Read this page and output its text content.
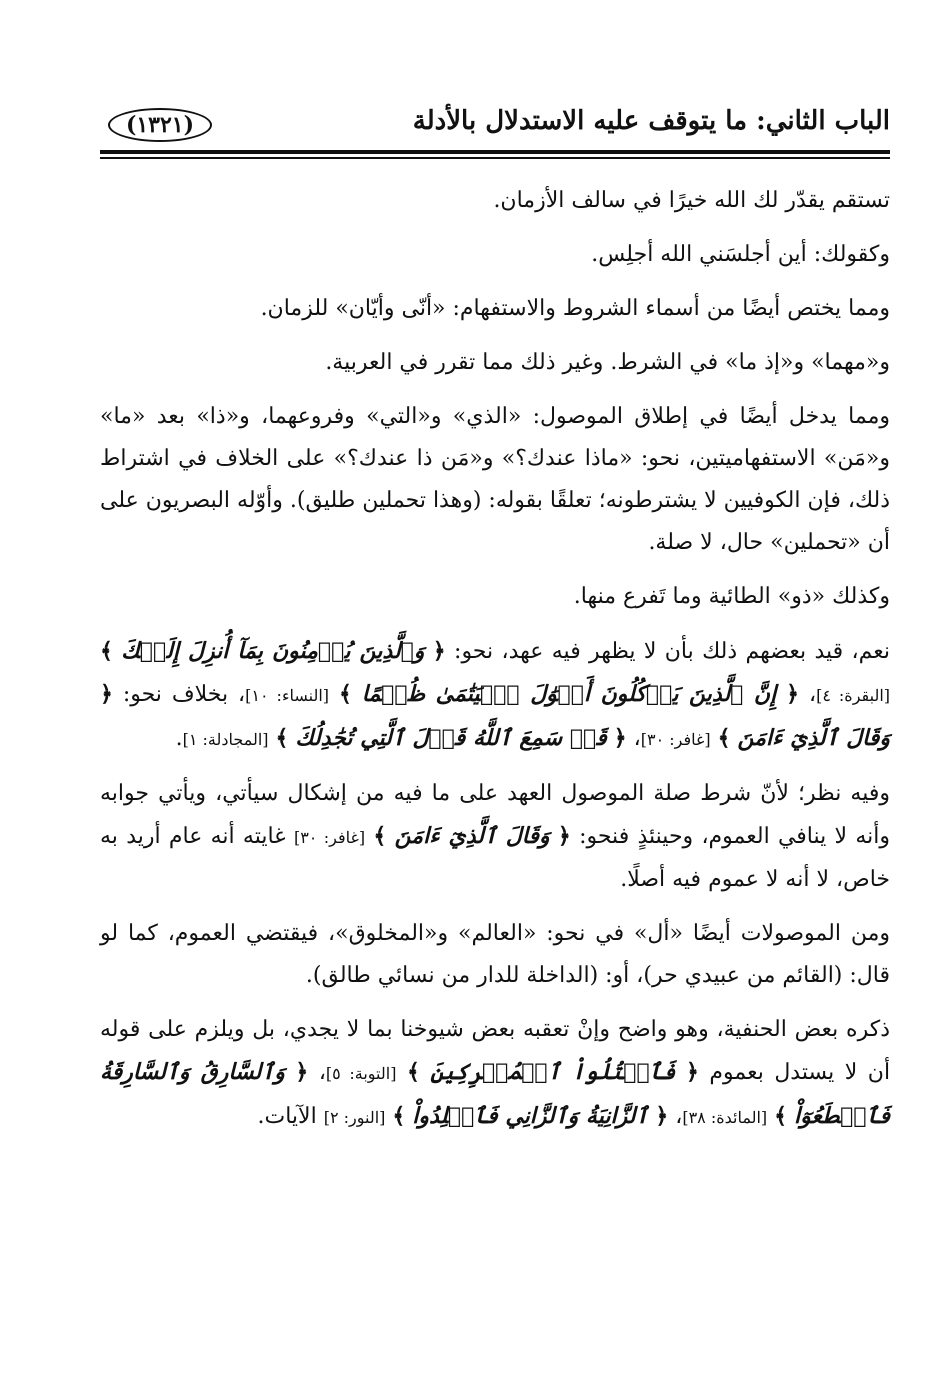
الباب الثاني: ما يتوقف عليه الاستدلال بالأدلة
(١٣٢١)

تستقم يقدّر لك الله خيرًا في سالف الأزمان.

وكقولك: أين أجلسَني الله أجلِس.

ومما يختص أيضًا من أسماء الشروط والاستفهام: «أنّى وأيّان» للزمان.

و«مهما» و«إذ ما» في الشرط. وغير ذلك مما تقرر في العربية.

ومما يدخل أيضًا في إطلاق الموصول: «الذي» و«التي» وفروعهما، و«ذا» بعد «ما» و«مَن» الاستفهاميتين، نحو: «ماذا عندك؟» و«مَن ذا عندك؟» على الخلاف في اشتراط ذلك، فإن الكوفيين لا يشترطونه؛ تعلقًا بقوله: (وهذا تحملين طليق). وأوّله البصريون على أن «تحملين» حال، لا صلة.

وكذلك «ذو» الطائية وما تَفرع منها.

نعم، قيد بعضهم ذلك بأن لا يظهر فيه عهد، نحو: ﴿ وَٱلَّذِينَ يُؤۡمِنُونَ بِمَآ أُنزِلَ إِلَيۡكَ ﴾ [البقرة: ٤]، ﴿ إِنَّ ٱلَّذِينَ يَأۡكُلُونَ أَمۡوَٰلَ ٱلۡيَتَٰمَىٰ ظُلۡمًا ﴾ [النساء: ١٠]، بخلاف نحو: ﴿ وَقَالَ ٱلَّذِيٓ ءَامَنَ ﴾ [غافر: ٣٠]، ﴿ قَدۡ سَمِعَ ٱللَّهُ قَوۡلَ ٱلَّتِي تُجَٰدِلُكَ ﴾ [المجادلة: ١].

وفيه نظر؛ لأنّ شرط صلة الموصول العهد على ما فيه من إشكال سيأتي، ويأتي جوابه وأنه لا ينافي العموم، وحينئذٍ فنحو: ﴿ وَقَالَ ٱلَّذِيٓ ءَامَنَ ﴾ [غافر: ٣٠] غايته أنه عام أريد به خاص، لا أنه لا عموم فيه أصلًا.

ومن الموصولات أيضًا «أل» في نحو: «العالم» و«المخلوق»، فيقتضي العموم، كما لو قال: (القائم من عبيدي حر)، أو: (الداخلة للدار من نسائي طالق).

ذكره بعض الحنفية، وهو واضح وإنْ تعقبه بعض شيوخنا بما لا يجدي، بل ويلزم على قوله أن لا يستدل بعموم ﴿ فَٱقۡتُلُواْ ٱلۡمُشۡرِكِينَ ﴾ [التوبة: ٥]، ﴿ وَٱلسَّارِقُ وَٱلسَّارِقَةُ فَٱقۡطَعُوٓاْ ﴾ [المائدة: ٣٨]، ﴿ ٱلزَّانِيَةُ وَٱلزَّانِي فَٱجۡلِدُواْ ﴾ [النور: ٢] الآيات.
